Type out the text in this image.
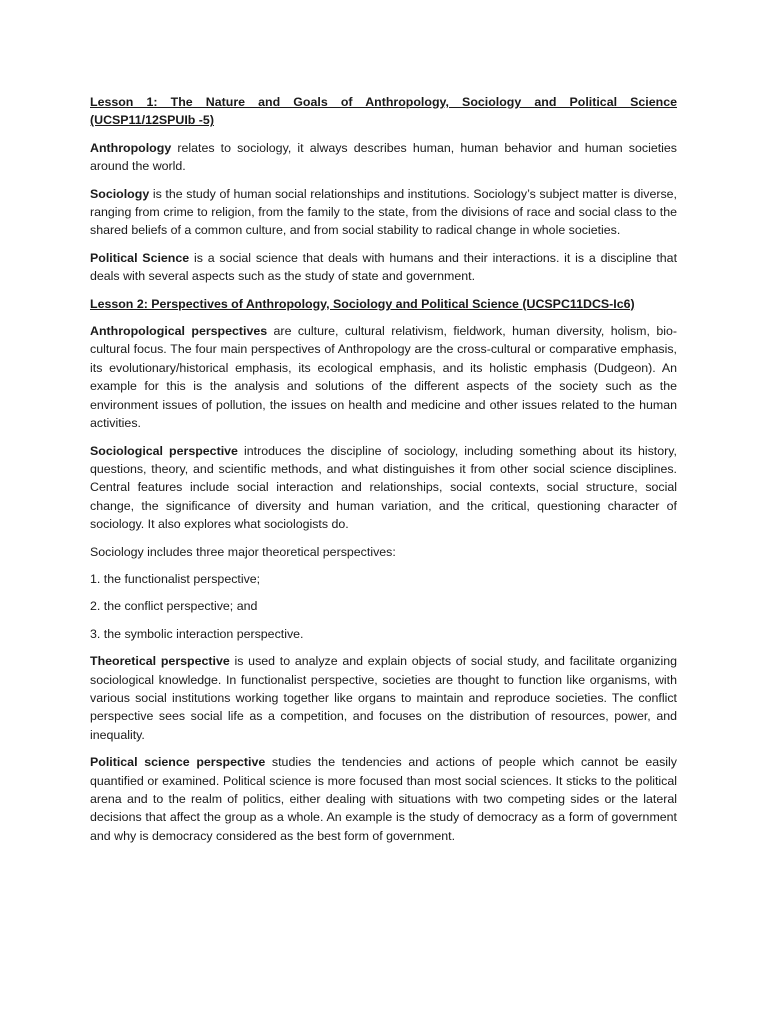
Lesson 1: The Nature and Goals of Anthropology, Sociology and Political Science (UCSP11/12SPUIb -5)

Anthropology relates to sociology, it always describes human, human behavior and human societies around the world.

Sociology is the study of human social relationships and institutions. Sociology’s subject matter is diverse, ranging from crime to religion, from the family to the state, from the divisions of race and social class to the shared beliefs of a common culture, and from social stability to radical change in whole societies.

Political Science is a social science that deals with humans and their interactions. it is a discipline that deals with several aspects such as the study of state and government.

Lesson 2: Perspectives of Anthropology, Sociology and Political Science (UCSPC11DCS-Ic6)

Anthropological perspectives are culture, cultural relativism, fieldwork, human diversity, holism, bio-cultural focus. The four main perspectives of Anthropology are the cross-cultural or comparative emphasis, its evolutionary/historical emphasis, its ecological emphasis, and its holistic emphasis (Dudgeon). An example for this is the analysis and solutions of the different aspects of the society such as the environment issues of pollution, the issues on health and medicine and other issues related to the human activities.

Sociological perspective introduces the discipline of sociology, including something about its history, questions, theory, and scientific methods, and what distinguishes it from other social science disciplines. Central features include social interaction and relationships, social contexts, social structure, social change, the significance of diversity and human variation, and the critical, questioning character of sociology. It also explores what sociologists do.

Sociology includes three major theoretical perspectives:

1. the functionalist perspective;
2. the conflict perspective; and
3. the symbolic interaction perspective.

Theoretical perspective is used to analyze and explain objects of social study, and facilitate organizing sociological knowledge. In functionalist perspective, societies are thought to function like organisms, with various social institutions working together like organs to maintain and reproduce societies. The conflict perspective sees social life as a competition, and focuses on the distribution of resources, power, and inequality.

Political science perspective studies the tendencies and actions of people which cannot be easily quantified or examined. Political science is more focused than most social sciences. It sticks to the political arena and to the realm of politics, either dealing with situations with two competing sides or the lateral decisions that affect the group as a whole. An example is the study of democracy as a form of government and why is democracy considered as the best form of government.
